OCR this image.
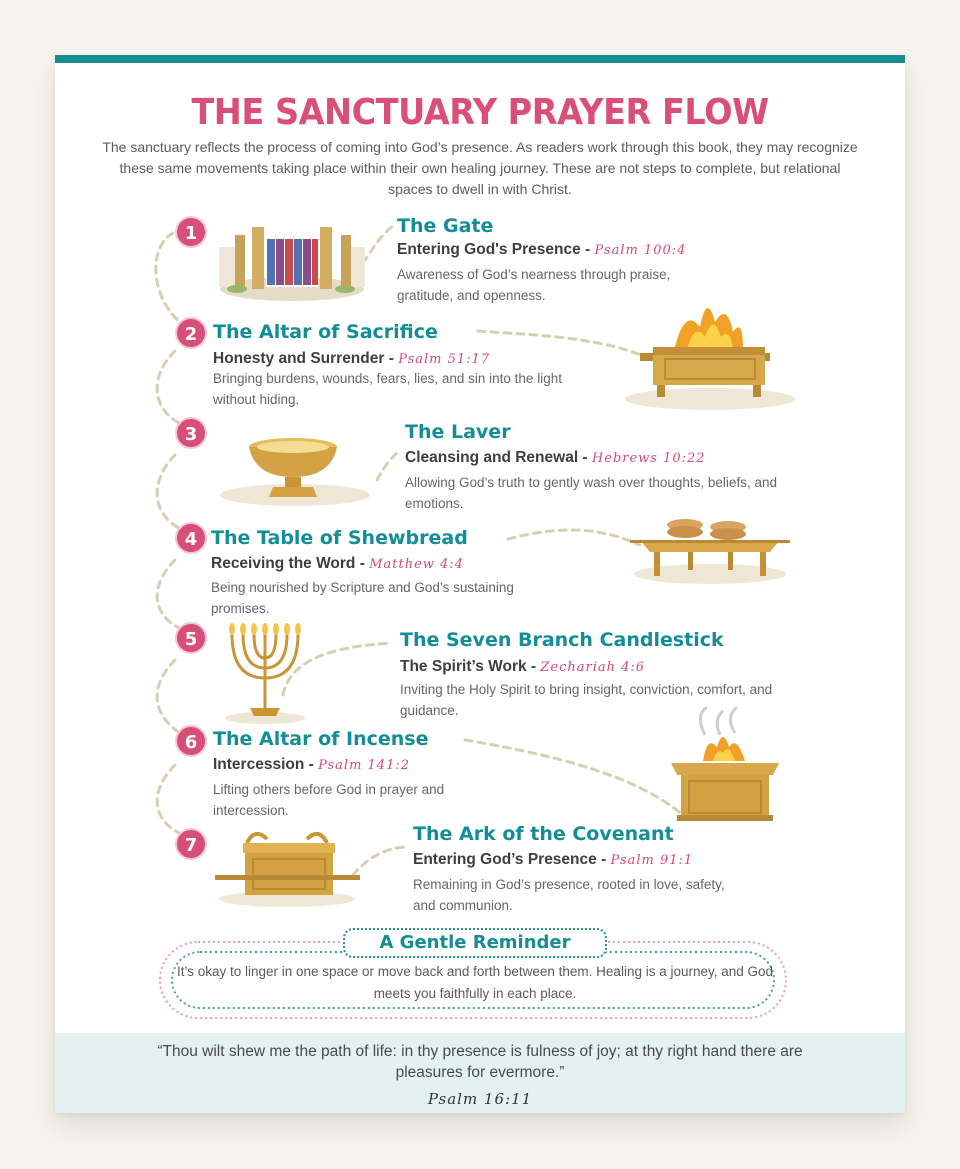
THE SANCTUARY PRAYER FLOW
The sanctuary reflects the process of coming into God’s presence. As readers work through this book, they may recognize these same movements taking place within their own healing journey. These are not steps to complete, but relational spaces to dwell in with Christ.
1	The Gate
Entering God's Presence - Psalm 100:4
Awareness of God’s nearness through praise, gratitude, and openness.
2 The Altar of Sacrifice
Honesty and Surrender - Psalm 51:17
Bringing burdens, wounds, fears, lies, and sin into the light without hiding.
3	The Laver
Cleansing and Renewal - Hebrews 10:22
Allowing God’s truth to gently wash over thoughts, beliefs, and emotions.
4 The Table of Shewbread
Receiving the Word - Matthew 4:4
Being nourished by Scripture and God’s sustaining promises.
5	The Seven Branch Candlestick
The Spirit’s Work - Zechariah 4:6
Inviting the Holy Spirit to bring insight, conviction, comfort, and guidance.
6 The Altar of Incense
Intercession - Psalm 141:2
Lifting others before God in prayer and intercession.
7
The Ark of the Covenant
Entering God’s Presence - Psalm 91:1
Remaining in God’s presence, rooted in love, safety, and communion.
A Gentle Reminder
It’s okay to linger in one space or move back and forth between them. Healing is a journey, and God meets you faithfully in each place.
“Thou wilt shew me the path of life: in thy presence is fulness of joy; at thy right hand there are pleasures for evermore.”
Psalm 16:11
